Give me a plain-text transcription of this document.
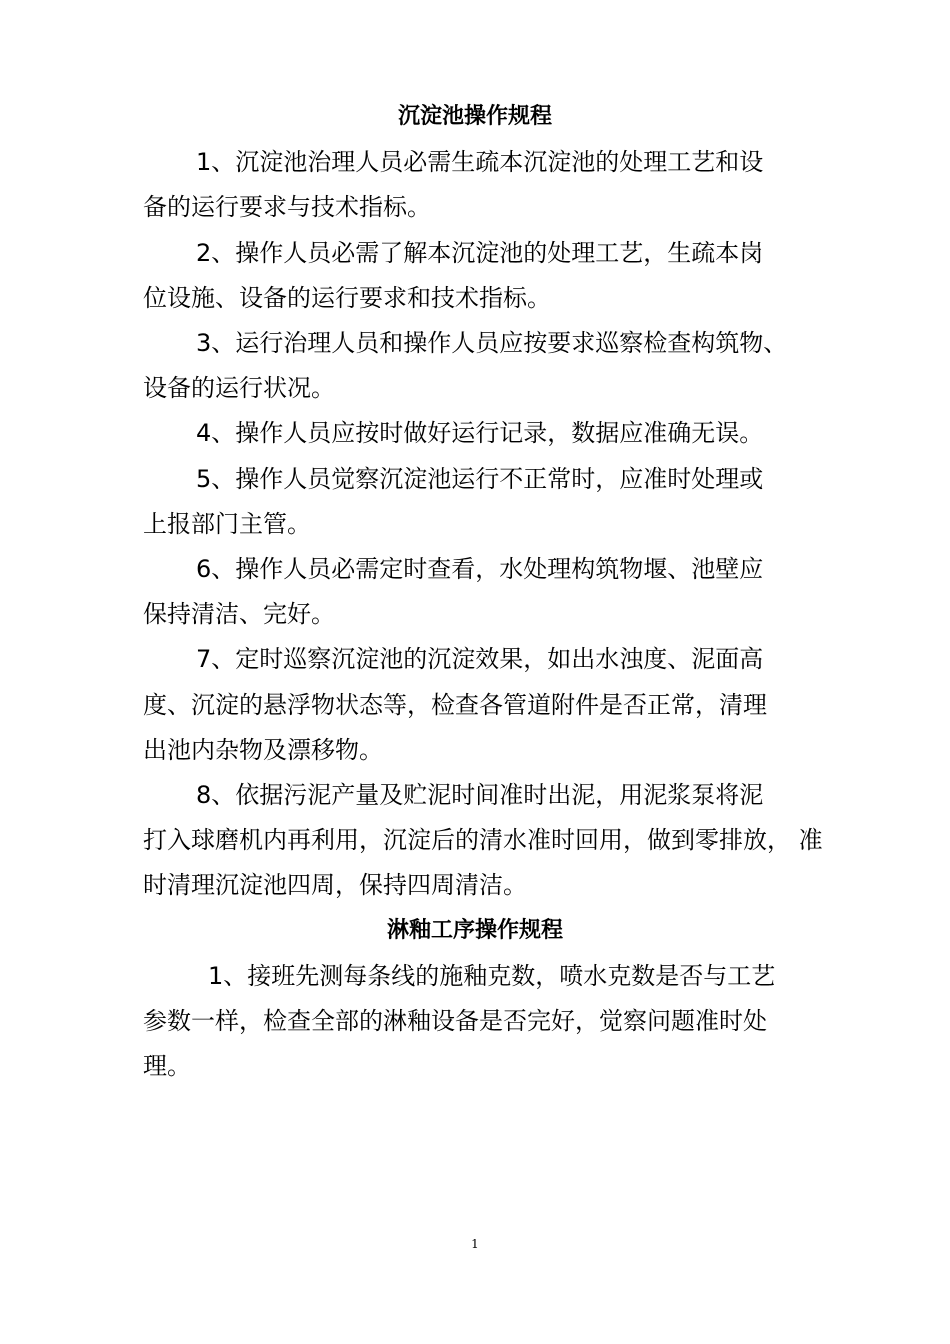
沉淀池操作规程
1、沉淀池治理人员必需生疏本沉淀池的处理工艺和设
备的运行要求与技术指标。
2、操作人员必需了解本沉淀池的处理工艺，生疏本岗
位设施、设备的运行要求和技术指标。
3、运行治理人员和操作人员应按要求巡察检查构筑物、
设备的运行状况。
4、操作人员应按时做好运行记录，数据应准确无误。
5、操作人员觉察沉淀池运行不正常时，应准时处理或
上报部门主管。
6、操作人员必需定时查看，水处理构筑物堰、池壁应
保持清洁、完好。
7、定时巡察沉淀池的沉淀效果，如出水浊度、泥面高
度、沉淀的悬浮物状态等，检查各管道附件是否正常，清理
出池内杂物及漂移物。
8、依据污泥产量及贮泥时间准时出泥，用泥浆泵将泥
打入球磨机内再利用，沉淀后的清水准时回用，做到零排放， 准
时清理沉淀池四周，保持四周清洁。
淋釉工序操作规程
1、接班先测每条线的施釉克数，喷水克数是否与工艺
参数一样，检查全部的淋釉设备是否完好，觉察问题准时处
理。
1
